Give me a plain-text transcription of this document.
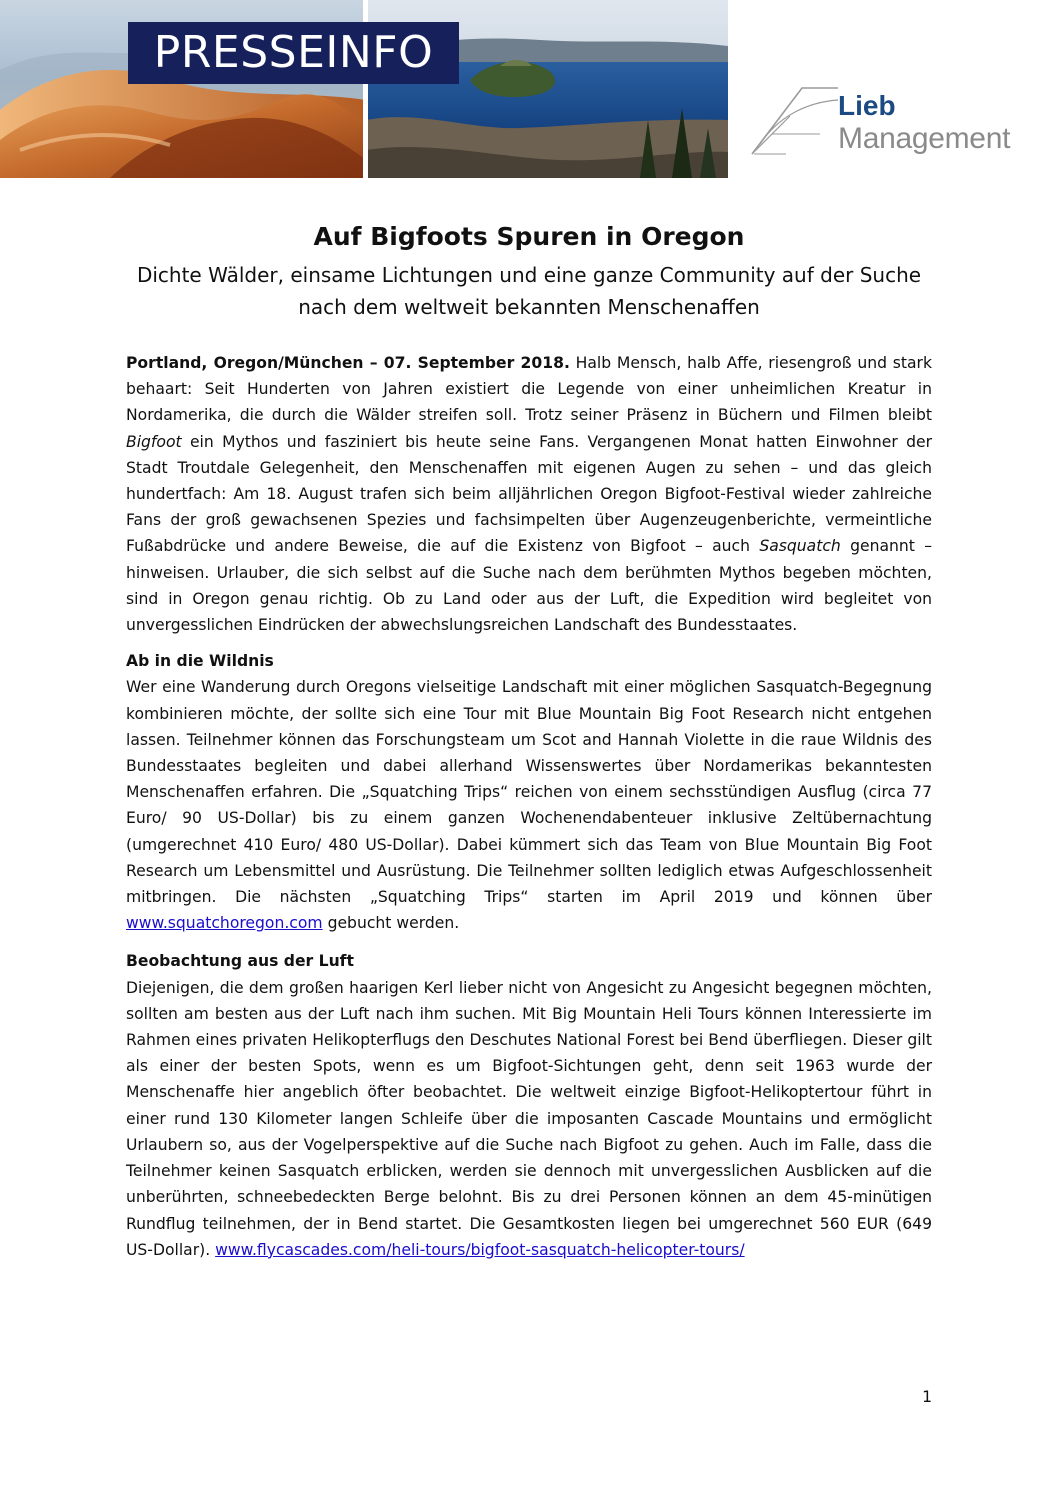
PRESSEINFO
Lieb
Management
Auf Bigfoots Spuren in Oregon
Dichte Wälder, einsame Lichtungen und eine ganze Community auf der Suche
nach dem weltweit bekannten Menschenaffen

Portland, Oregon/München – 07. September 2018. Halb Mensch, halb Affe, riesengroß und stark behaart: Seit Hunderten von Jahren existiert die Legende von einer unheimlichen Kreatur in Nordamerika, die durch die Wälder streifen soll. Trotz seiner Präsenz in Büchern und Filmen bleibt Bigfoot ein Mythos und fasziniert bis heute seine Fans. Vergangenen Monat hatten Einwohner der Stadt Troutdale Gelegenheit, den Menschenaffen mit eigenen Augen zu sehen – und das gleich hundertfach: Am 18. August trafen sich beim alljährlichen Oregon Bigfoot-Festival wieder zahlreiche Fans der groß gewachsenen Spezies und fachsimpelten über Augenzeugenberichte, vermeintliche Fußabdrücke und andere Beweise, die auf die Existenz von Bigfoot – auch Sasquatch genannt – hinweisen. Urlauber, die sich selbst auf die Suche nach dem berühmten Mythos begeben möchten, sind in Oregon genau richtig. Ob zu Land oder aus der Luft, die Expedition wird begleitet von unvergesslichen Eindrücken der abwechslungsreichen Landschaft des Bundesstaates.

Ab in die Wildnis

Wer eine Wanderung durch Oregons vielseitige Landschaft mit einer möglichen Sasquatch-Begegnung kombinieren möchte, der sollte sich eine Tour mit Blue Mountain Big Foot Research nicht entgehen lassen. Teilnehmer können das Forschungsteam um Scot and Hannah Violette in die raue Wildnis des Bundesstaates begleiten und dabei allerhand Wissenswertes über Nordamerikas bekanntesten Menschenaffen erfahren. Die „Squatching Trips“ reichen von einem sechsstündigen Ausflug (circa 77 Euro/ 90 US-Dollar) bis zu einem ganzen Wochenendabenteuer inklusive Zeltübernachtung (umgerechnet 410 Euro/ 480 US-Dollar). Dabei kümmert sich das Team von Blue Mountain Big Foot Research um Lebensmittel und Ausrüstung. Die Teilnehmer sollten lediglich etwas Aufgeschlossenheit mitbringen. Die nächsten „Squatching Trips“ starten im April 2019 und können über www.squatchoregon.com gebucht werden.

Beobachtung aus der Luft

Diejenigen, die dem großen haarigen Kerl lieber nicht von Angesicht zu Angesicht begegnen möchten, sollten am besten aus der Luft nach ihm suchen. Mit Big Mountain Heli Tours können Interessierte im Rahmen eines privaten Helikopterflugs den Deschutes National Forest bei Bend überfliegen. Dieser gilt als einer der besten Spots, wenn es um Bigfoot-Sichtungen geht, denn seit 1963 wurde der Menschenaffe hier angeblich öfter beobachtet. Die weltweit einzige Bigfoot-Helikoptertour führt in einer rund 130 Kilometer langen Schleife über die imposanten Cascade Mountains und ermöglicht Urlaubern so, aus der Vogelperspektive auf die Suche nach Bigfoot zu gehen. Auch im Falle, dass die Teilnehmer keinen Sasquatch erblicken, werden sie dennoch mit unvergesslichen Ausblicken auf die unberührten, schneebedeckten Berge belohnt. Bis zu drei Personen können an dem 45-minütigen Rundflug teilnehmen, der in Bend startet. Die Gesamtkosten liegen bei umgerechnet 560 EUR (649 US-Dollar). www.flycascades.com/heli-tours/bigfoot-sasquatch-helicopter-tours/

1
